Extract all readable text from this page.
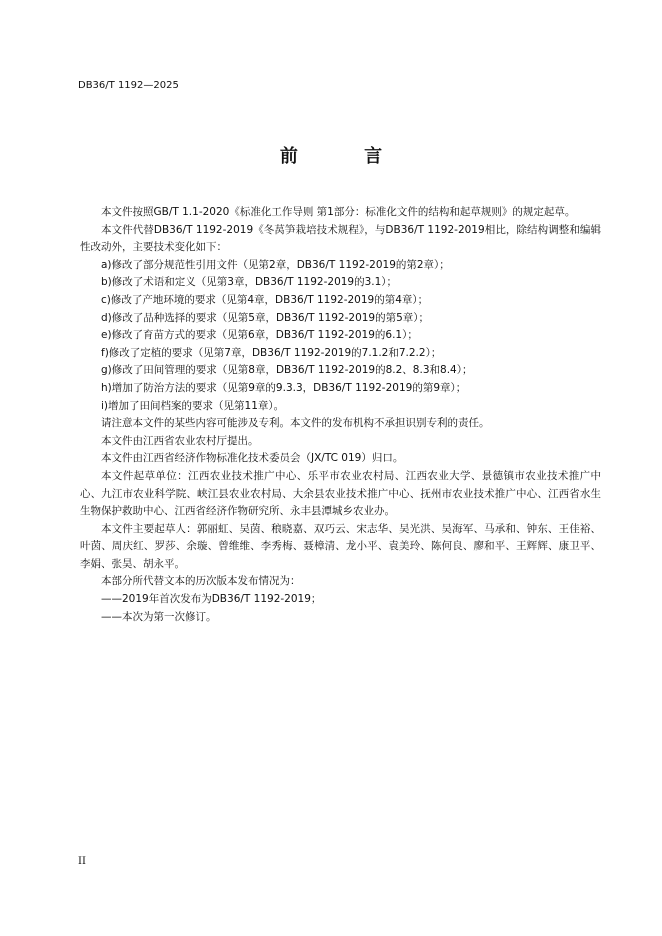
DB36/T 1192—2025
前 言

本文件按照GB/T 1.1-2020《标准化工作导则 第1部分：标准化文件的结构和起草规则》的规定起草。

本文件代替DB36/T 1192-2019《冬莴笋栽培技术规程》，与DB36/T 1192-2019相比，除结构调整和编辑性改动外，主要技术变化如下：

a)修改了部分规范性引用文件（见第2章，DB36/T 1192-2019的第2章）；

b)修改了术语和定义（见第3章，DB36/T 1192-2019的3.1）；

c)修改了产地环境的要求（见第4章，DB36/T 1192-2019的第4章）；

d)修改了品种选择的要求（见第5章，DB36/T 1192-2019的第5章）；

e)修改了育苗方式的要求（见第6章，DB36/T 1192-2019的6.1）；

f)修改了定植的要求（见第7章，DB36/T 1192-2019的7.1.2和7.2.2）；

g)修改了田间管理的要求（见第8章，DB36/T 1192-2019的8.2、8.3和8.4）；

h)增加了防治方法的要求（见第9章的9.3.3，DB36/T 1192-2019的第9章）；

i)增加了田间档案的要求（见第11章）。

请注意本文件的某些内容可能涉及专利。本文件的发布机构不承担识别专利的责任。

本文件由江西省农业农村厅提出。

本文件由江西省经济作物标准化技术委员会（JX/TC 019）归口。

本文件起草单位：江西农业技术推广中心、乐平市农业农村局、江西农业大学、景德镇市农业技术推广中心、九江市农业科学院、峡江县农业农村局、大余县农业技术推广中心、抚州市农业技术推广中心、江西省水生生物保护救助中心、江西省经济作物研究所、永丰县潭城乡农业办。

本文件主要起草人：郭丽虹、吴茵、稂晓嘉、双巧云、宋志华、吴光洪、吴海军、马承和、钟东、王佳裕、叶茵、周庆红、罗莎、余璇、曾维维、李秀梅、聂樟清、龙小平、袁美玲、陈何良、廖和平、王辉辉、康卫平、李娟、张昊、胡永平。

本部分所代替文本的历次版本发布情况为：

——2019年首次发布为DB36/T 1192-2019；

——本次为第一次修订。

II
